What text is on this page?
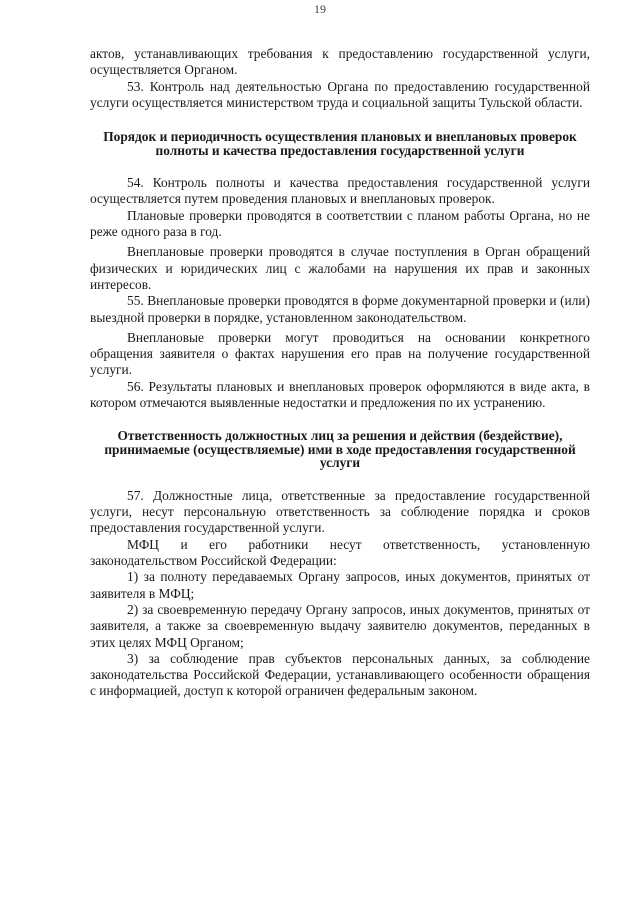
19

актов, устанавливающих требования к предоставлению государственной услуги, осуществляется Органом.

53. Контроль над деятельностью Органа по предоставлению государственной услуги осуществляется министерством труда и социальной защиты Тульской области.

Порядок и периодичность осуществления плановых и внеплановых проверок полноты и качества предоставления государственной услуги

54. Контроль полноты и качества предоставления государственной услуги осуществляется путем проведения плановых и внеплановых проверок.

Плановые проверки проводятся в соответствии с планом работы Органа, но не реже одного раза в год.

Внеплановые проверки проводятся в случае поступления в Орган обращений физических и юридических лиц с жалобами на нарушения их прав и законных интересов.

55. Внеплановые проверки проводятся в форме документарной проверки и (или) выездной проверки в порядке, установленном законодательством.

Внеплановые проверки могут проводиться на основании конкретного обращения заявителя о фактах нарушения его прав на получение государственной услуги.

56. Результаты плановых и внеплановых проверок оформляются в виде акта, в котором отмечаются выявленные недостатки и предложения по их устранению.

Ответственность должностных лиц за решения и действия (бездействие), принимаемые (осуществляемые) ими в ходе предоставления государственной услуги

57. Должностные лица, ответственные за предоставление государственной услуги, несут персональную ответственность за соблюдение порядка и сроков предоставления государственной услуги.

МФЦ и его работники несут ответственность, установленную законодательством Российской Федерации:

1) за полноту передаваемых Органу запросов, иных документов, принятых от заявителя в МФЦ;

2) за своевременную передачу Органу запросов, иных документов, принятых от заявителя, а также за своевременную выдачу заявителю документов, переданных в этих целях МФЦ Органом;

3) за соблюдение прав субъектов персональных данных, за соблюдение законодательства Российской Федерации, устанавливающего особенности обращения с информацией, доступ к которой ограничен федеральным законом.
